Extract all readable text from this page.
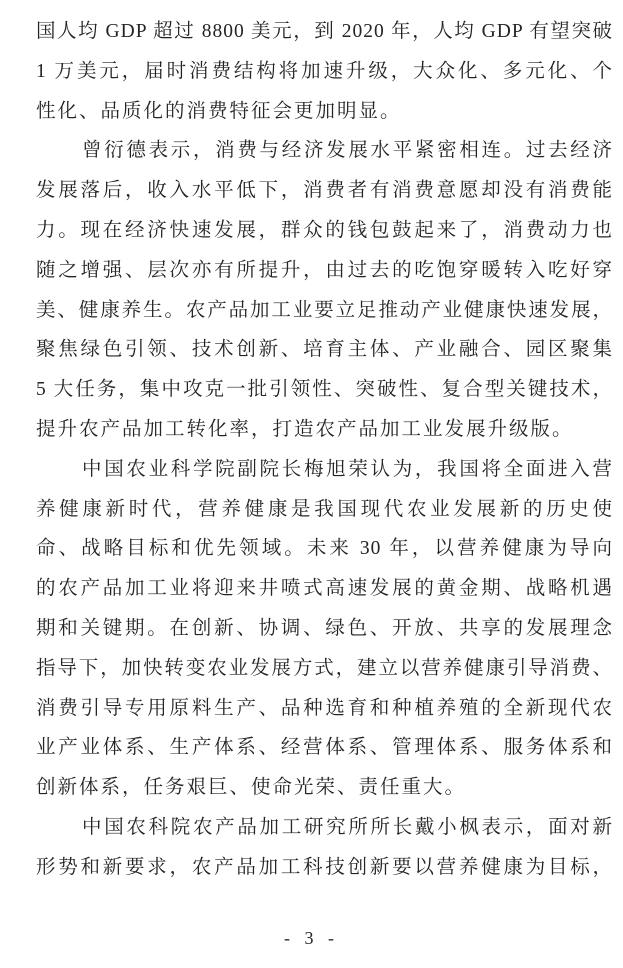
国人均 GDP 超过 8800 美元，到 2020 年，人均 GDP 有望突破
1 万美元，届时消费结构将加速升级，大众化、多元化、个
性化、品质化的消费特征会更加明显。
曾衍德表示，消费与经济发展水平紧密相连。过去经济
发展落后，收入水平低下，消费者有消费意愿却没有消费能
力。现在经济快速发展，群众的钱包鼓起来了，消费动力也
随之增强、层次亦有所提升，由过去的吃饱穿暖转入吃好穿
美、健康养生。农产品加工业要立足推动产业健康快速发展，
聚焦绿色引领、技术创新、培育主体、产业融合、园区聚集
5 大任务，集中攻克一批引领性、突破性、复合型关键技术，
提升农产品加工转化率，打造农产品加工业发展升级版。
中国农业科学院副院长梅旭荣认为，我国将全面进入营
养健康新时代，营养健康是我国现代农业发展新的历史使
命、战略目标和优先领域。未来 30 年，以营养健康为导向
的农产品加工业将迎来井喷式高速发展的黄金期、战略机遇
期和关键期。在创新、协调、绿色、开放、共享的发展理念
指导下，加快转变农业发展方式，建立以营养健康引导消费、
消费引导专用原料生产、品种选育和种植养殖的全新现代农
业产业体系、生产体系、经营体系、管理体系、服务体系和
创新体系，任务艰巨、使命光荣、责任重大。
中国农科院农产品加工研究所所长戴小枫表示，面对新
形势和新要求，农产品加工科技创新要以营养健康为目标，
- 3 -
